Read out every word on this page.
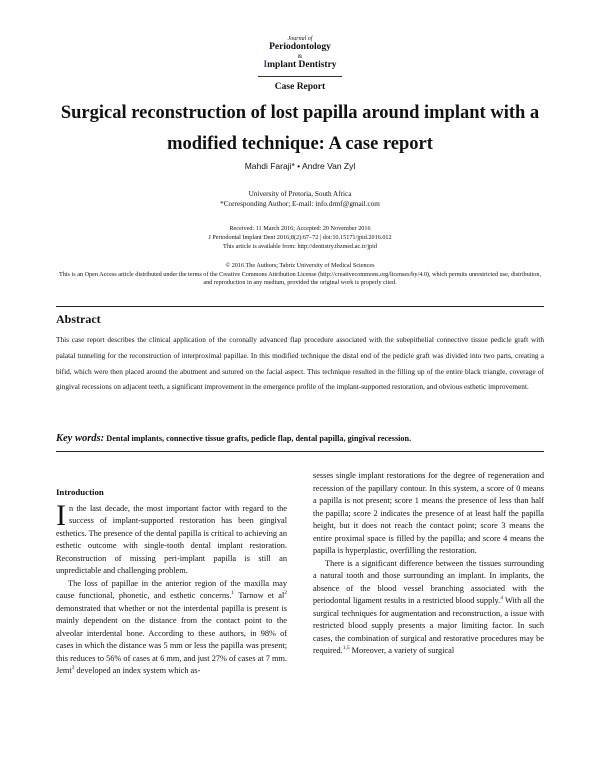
Journal of
Periodontology
&
Implant Dentistry
Case Report
Surgical reconstruction of lost papilla around implant with a modified technique: A case report
Mahdi Faraji* • Andre Van Zyl
University of Pretoria, South Africa
*Corresponding Author; E-mail: info.drmf@gmail.com
Received: 11 March 2016; Accepted: 20 November 2016
J Periodontal Implant Dent 2016;8(2):67–72 | doi:10.15171/jpid.2016.012
This article is available from: http://dentistry.tbzmed.ac.ir/jpid
© 2016 The Authors; Tabriz University of Medical Sciences
This is an Open Access article distributed under the terms of the Creative Commons Attribution License (http://creativecommons.org/licenses/by/4.0), which permits unrestricted use, distribution, and reproduction in any medium, provided the original work is properly cited.
Abstract
This case report describes the clinical application of the coronally advanced flap procedure associated with the subepithelial connective tissue pedicle graft with palatal tunneling for the reconstruction of interproximal papillae. In this modified technique the distal end of the pedicle graft was divided into two parts, creating a bifid, which were then placed around the abutment and sutured on the facial aspect. This technique resulted in the filling up of the entire black triangle, coverage of gingival recessions on adjacent teeth, a significant improvement in the emergence profile of the implant-supported restoration, and obvious esthetic improvement.
Key words: Dental implants, connective tissue grafts, pedicle flap, dental papilla, gingival recession.
Introduction

In the last decade, the most important factor with regard to the success of implant-supported restoration has been gingival esthetics. The presence of the dental papilla is critical to achieving an esthetic outcome with single-tooth dental implant restoration. Reconstruction of missing peri-implant papilla is still an unpredictable and challenging problem.

The loss of papillae in the anterior region of the maxilla may cause functional, phonetic, and esthetic concerns.$^1$ Tarnow et $al^2$ demonstrated that whether or not the interdental papilla is present is mainly dependent on the distance from the contact point to the alveolar interdental bone. According to these authors, in 98% of cases in which the distance was 5 mm or less the papilla was present; this reduces to 56% of cases at 6 mm, and just 27% of cases at 7 mm. Jemt$^3$ developed an index system which as-

sesses single implant restorations for the degree of regeneration and recession of the papillary contour. In this system, a score of 0 means a papilla is not present; score 1 means the presence of less than half the papilla; score 2 indicates the presence of at least half the papilla height, but it does not reach the contact point; score 3 means the entire proximal space is filled by the papilla; and score 4 means the papilla is hyperplastic, overfilling the restoration.

There is a significant difference between the tissues surrounding a natural tooth and those surrounding an implant. In implants, the absence of the blood vessel branching associated with the periodontal ligament results in a restricted blood supply.$^4$ With all the surgical techniques for augmentation and reconstruction, a issue with restricted blood supply presents a major limiting factor. In such cases, the combination of surgical and restorative procedures may be required.$^{1,5}$ Moreover, a variety of surgical
